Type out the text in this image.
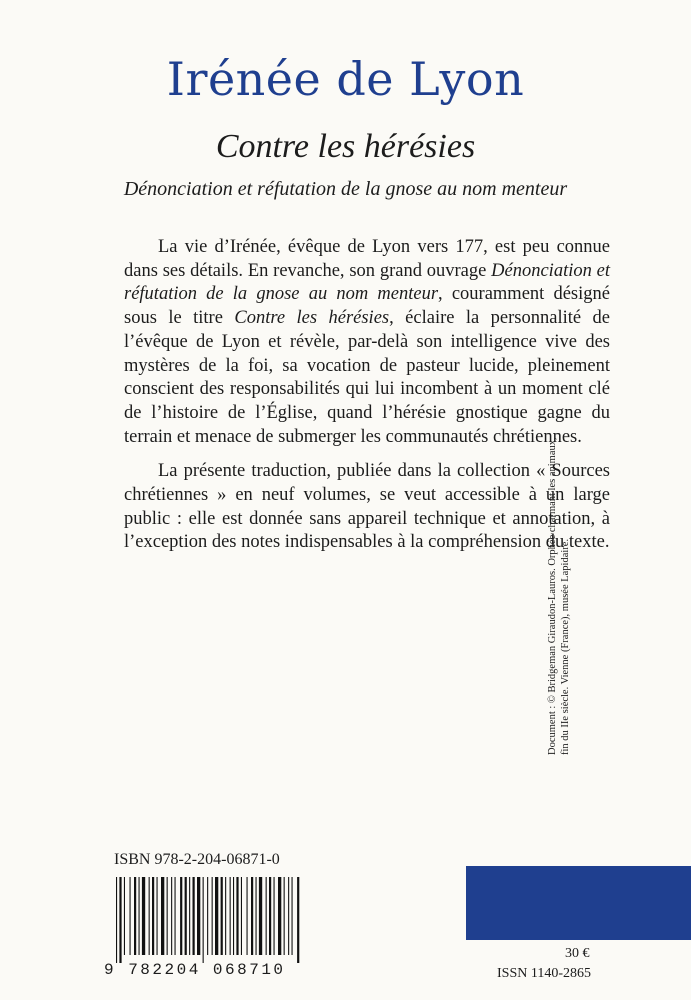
Irénée de Lyon
Contre les hérésies
Dénonciation et réfutation de la gnose au nom menteur

La vie d’Irénée, évêque de Lyon vers 177, est peu connue dans ses détails. En revanche, son grand ouvrage Dénonciation et réfutation de la gnose au nom menteur, couramment désigné sous le titre Contre les hérésies, éclaire la personnalité de l’évêque de Lyon et révèle, par-delà son intelligence vive des mystères de la foi, sa vocation de pasteur lucide, pleinement conscient des responsabilités qui lui incombent à un moment clé de l’histoire de l’Église, quand l’hérésie gnostique gagne du terrain et menace de submerger les communautés chrétiennes.

La présente traduction, publiée dans la collection « Sources chrétiennes » en neuf volumes, se veut accessible à un large public : elle est donnée sans appareil technique et annotation, à l’exception des notes indispensables à la compréhension du texte.

Document : © Bridgeman Giraudon-Lauros. Orphée charmant les animaux, fin du IIe siècle. Vienne (France), musée Lapidaire.
ISBN 978-2-204-06871-0
9 782204 068710
30 €
ISSN 1140-2865
